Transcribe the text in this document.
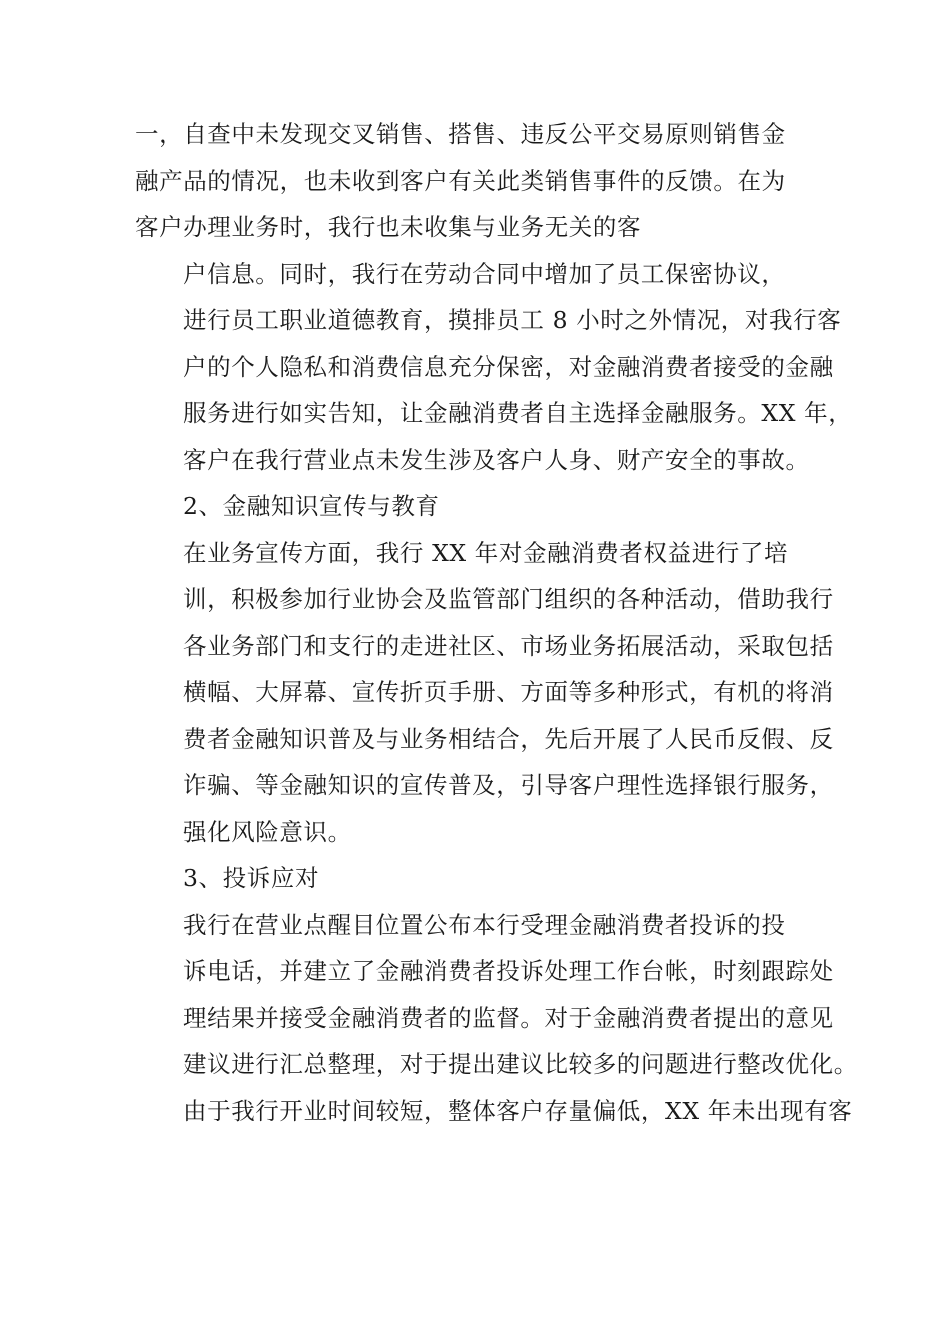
一，自查中未发现交叉销售、搭售、违反公平交易原则销售金
融产品的情况，也未收到客户有关此类销售事件的反馈。在为
客户办理业务时，我行也未收集与业务无关的客
户信息。同时，我行在劳动合同中增加了员工保密协议，
进行员工职业道德教育，摸排员工 8 小时之外情况，对我行客
户的个人隐私和消费信息充分保密，对金融消费者接受的金融
服务进行如实告知，让金融消费者自主选择金融服务。XX 年，
客户在我行营业点未发生涉及客户人身、财产安全的事故。
2、金融知识宣传与教育
在业务宣传方面，我行 XX 年对金融消费者权益进行了培
训，积极参加行业协会及监管部门组织的各种活动，借助我行
各业务部门和支行的走进社区、市场业务拓展活动，采取包括
横幅、大屏幕、宣传折页手册、方面等多种形式，有机的将消
费者金融知识普及与业务相结合，先后开展了人民币反假、反
诈骗、等金融知识的宣传普及，引导客户理性选择银行服务，
强化风险意识。
3、投诉应对
我行在营业点醒目位置公布本行受理金融消费者投诉的投
诉电话，并建立了金融消费者投诉处理工作台帐，时刻跟踪处
理结果并接受金融消费者的监督。对于金融消费者提出的意见
建议进行汇总整理，对于提出建议比较多的问题进行整改优化。
由于我行开业时间较短，整体客户存量偏低，XX 年未出现有客
